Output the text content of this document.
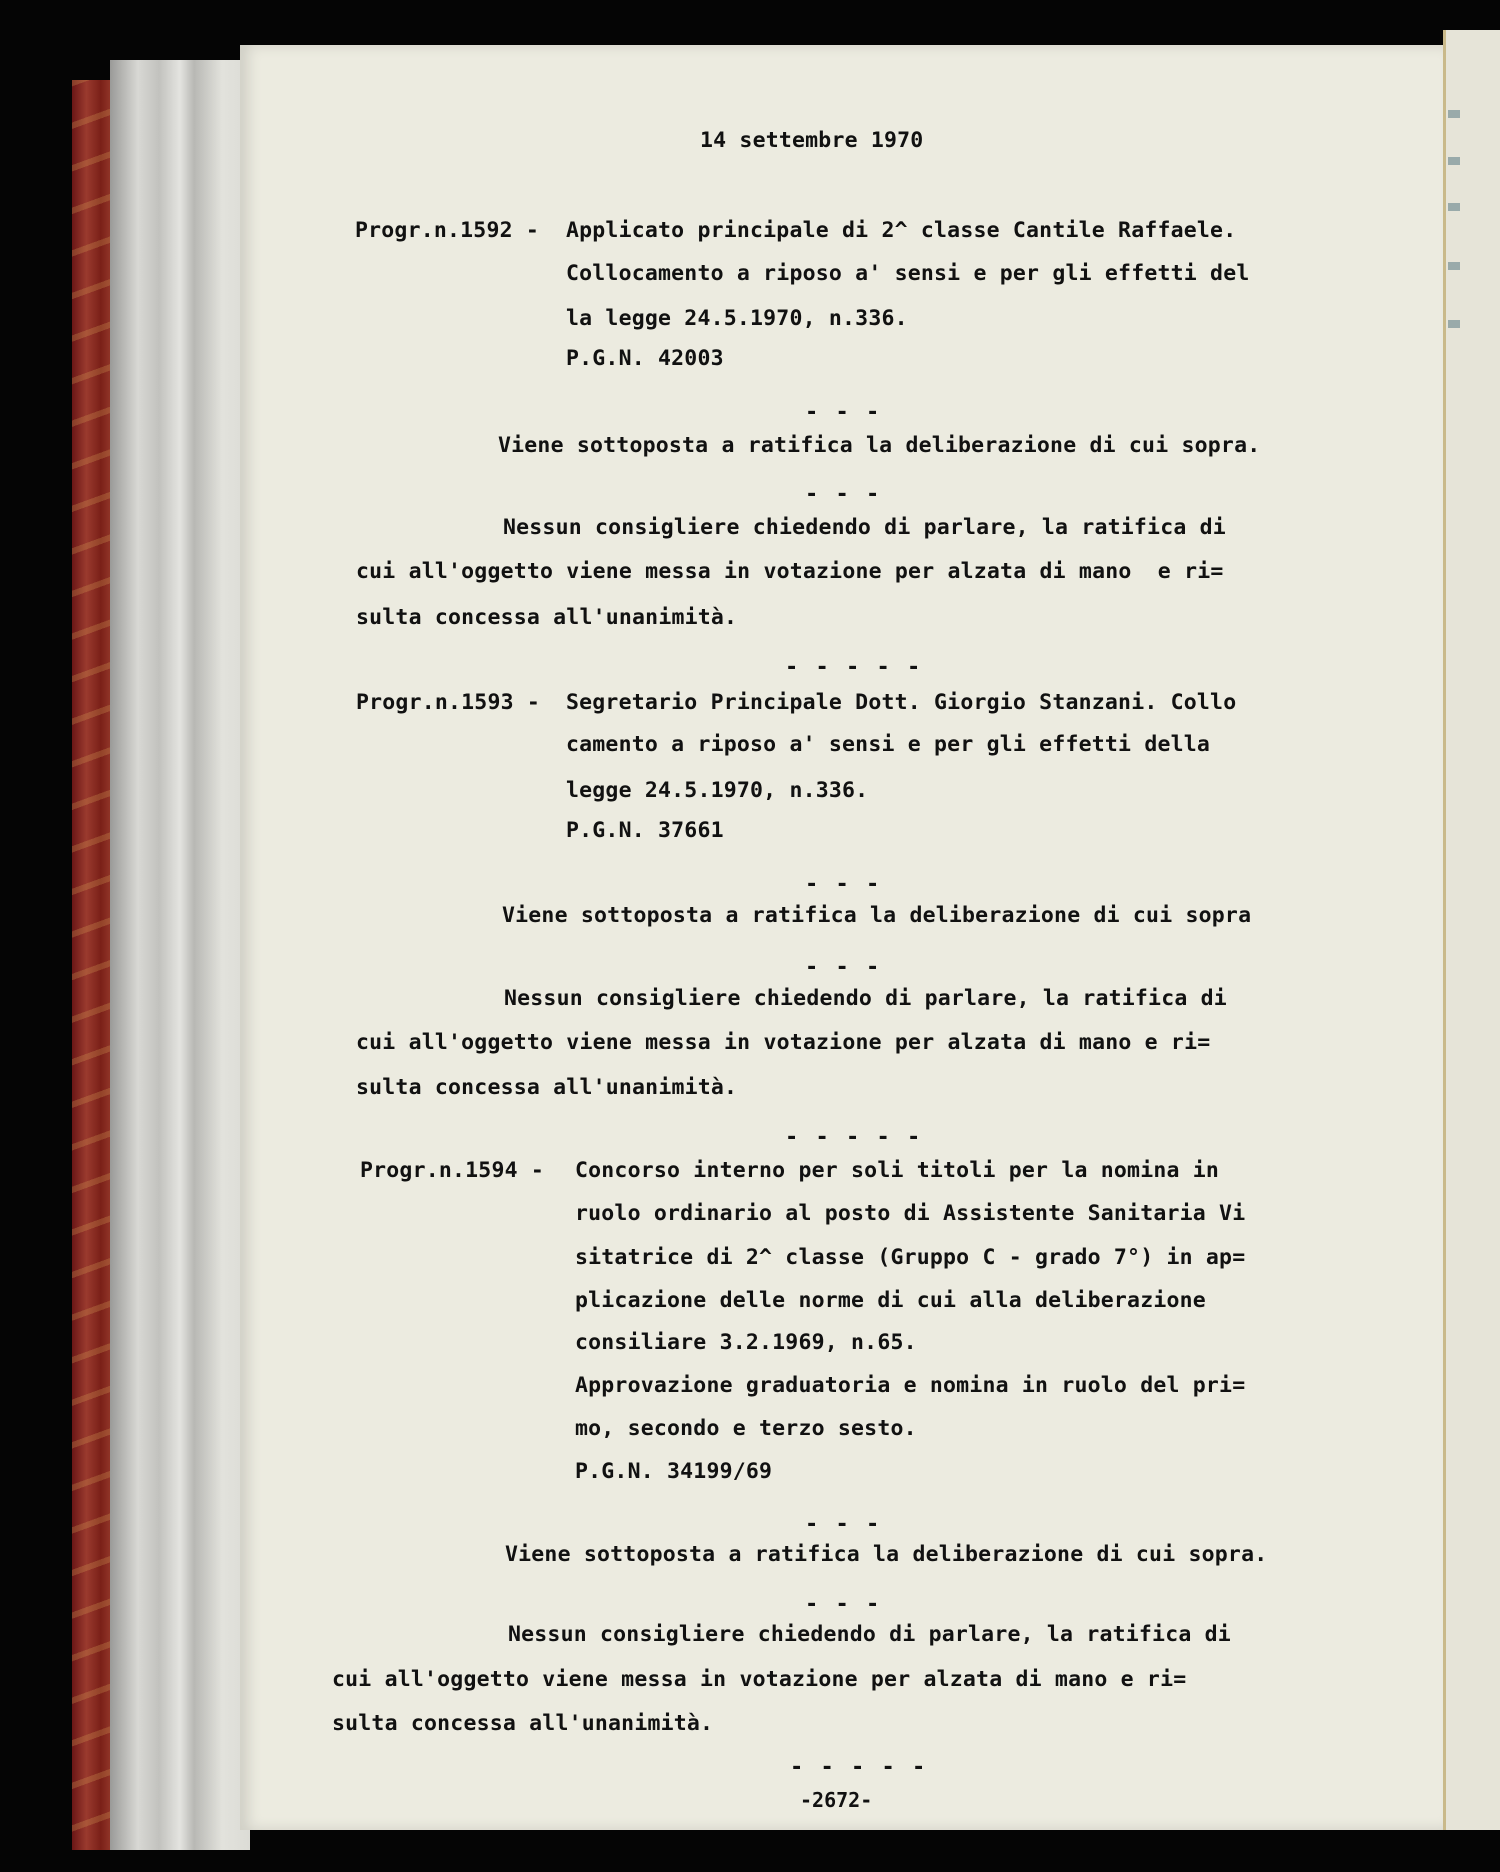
14 settembre 1970
Progr.n.1592 - Applicato principale di 2^ classe Cantile Raffaele.
Collocamento a riposo a' sensi e per gli effetti del
la legge 24.5.1970, n.336.
P.G.N. 42003
- - -
Viene sottoposta a ratifica la deliberazione di cui sopra.
- - -
Nessun consigliere chiedendo di parlare, la ratifica di
cui all'oggetto viene messa in votazione per alzata di mano  e ri=
sulta concessa all'unanimità.
- - - - -
Progr.n.1593 - Segretario Principale Dott. Giorgio Stanzani. Collo
camento a riposo a' sensi e per gli effetti della
legge 24.5.1970, n.336.
P.G.N. 37661
- - -
Viene sottoposta a ratifica la deliberazione di cui sopra
- - -
Nessun consigliere chiedendo di parlare, la ratifica di
cui all'oggetto viene messa in votazione per alzata di mano e ri=
sulta concessa all'unanimità.
- - - - -
Progr.n.1594 - Concorso interno per soli titoli per la nomina in
ruolo ordinario al posto di Assistente Sanitaria Vi
sitatrice di 2^ classe (Gruppo C - grado 7°) in ap=
plicazione delle norme di cui alla deliberazione
consiliare 3.2.1969, n.65.
Approvazione graduatoria e nomina in ruolo del pri=
mo, secondo e terzo sesto.
P.G.N. 34199/69
- - -
Viene sottoposta a ratifica la deliberazione di cui sopra.
- - -
Nessun consigliere chiedendo di parlare, la ratifica di
cui all'oggetto viene messa in votazione per alzata di mano e ri=
sulta concessa all'unanimità.
- - - - -
-2672-
